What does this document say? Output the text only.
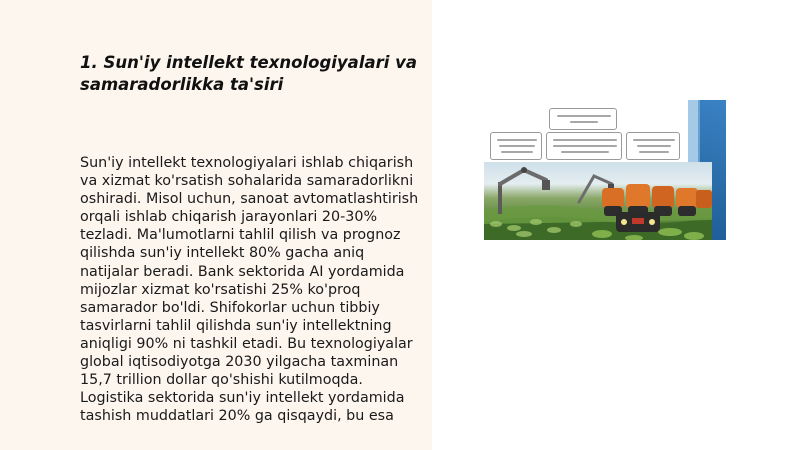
1. Sun'iy intellekt texnologiyalari va samaradorlikka ta'siri

Sun'iy intellekt texnologiyalari ishlab chiqarish va xizmat ko'rsatish sohalarida samaradorlikni oshiradi. Misol uchun, sanoat avtomatlashtirish orqali ishlab chiqarish jarayonlari 20-30% tezladi. Ma'lumotlarni tahlil qilish va prognoz qilishda sun'iy intellekt 80% gacha aniq natijalar beradi. Bank sektorida AI yordamida mijozlar xizmat ko'rsatishi 25% ko'proq samarador bo'ldi. Shifokorlar uchun tibbiy tasvirlarni tahlil qilishda sun'iy intellektning aniqligi 90% ni tashkil etadi. Bu texnologiyalar global iqtisodiyotga 2030 yilgacha taxminan 15,7 trillion dollar qo'shishi kutilmoqda. Logistika sektorida sun'iy intellekt yordamida tashish muddatlari 20% ga qisqaydi, bu esa
